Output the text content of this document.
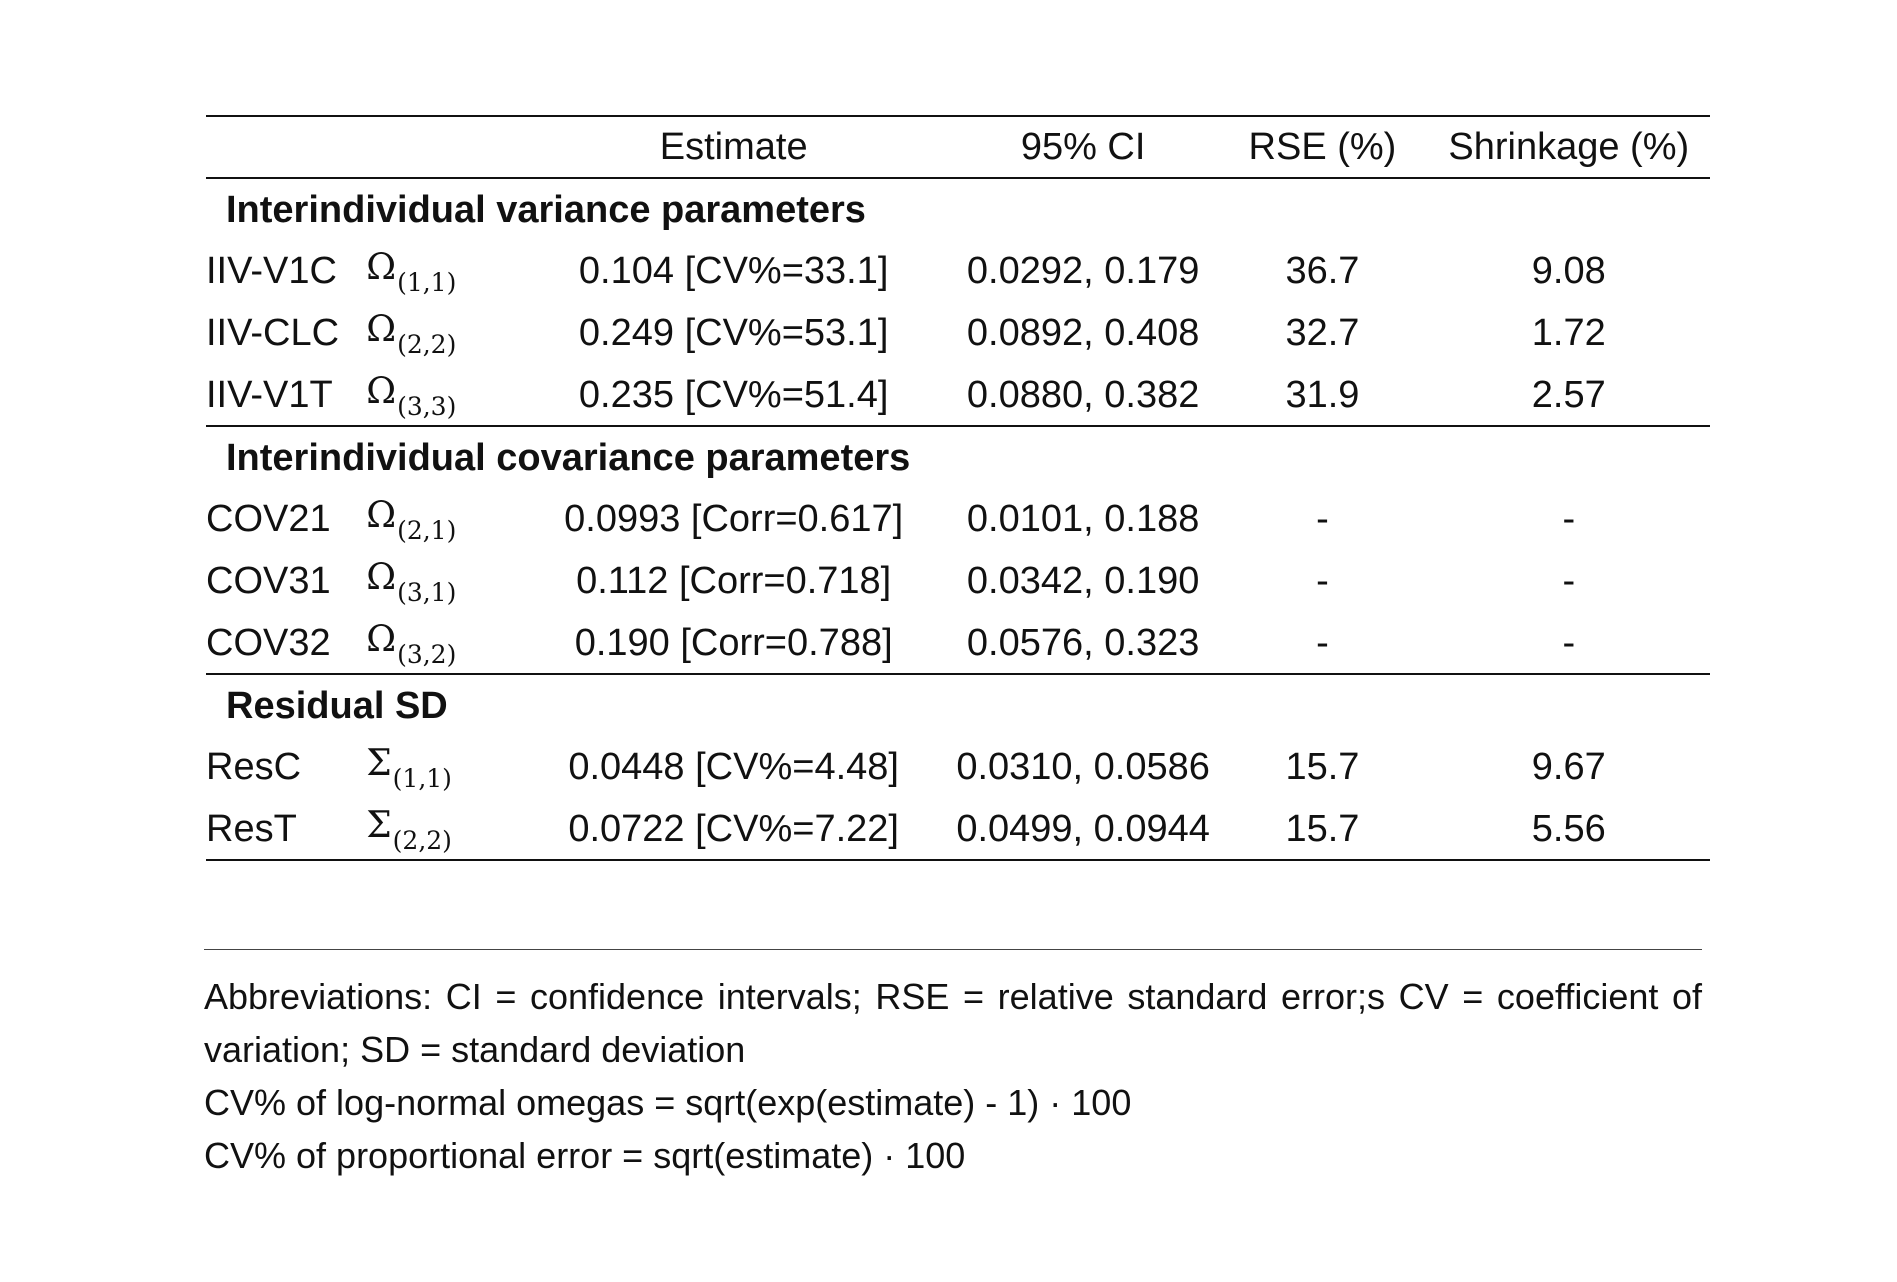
		Estimate	95% CI	RSE (%)	Shrinkage (%)
Interindividual variance parameters					
IIV-V1C	$\Omega_{(1,1)}$	0.104 [CV%=33.1]	0.0292, 0.179	36.7	9.08
IIV-CLC	$\Omega_{(2,2)}$	0.249 [CV%=53.1]	0.0892, 0.408	32.7	1.72
IIV-V1T	$\Omega_{(3,3)}$	0.235 [CV%=51.4]	0.0880, 0.382	31.9	2.57
Interindividual covariance parameters					
COV21	$\Omega_{(2,1)}$	0.0993 [Corr=0.617]	0.0101, 0.188	-	-
COV31	$\Omega_{(3,1)}$	0.112 [Corr=0.718]	0.0342, 0.190	-	-
COV32	$\Omega_{(3,2)}$	0.190 [Corr=0.788]	0.0576, 0.323	-	-
Residual SD					
ResC	$\Sigma_{(1,1)}$	0.0448 [CV%=4.48]	0.0310, 0.0586	15.7	9.67
ResT	$\Sigma_{(2,2)}$	0.0722 [CV%=7.22]	0.0499, 0.0944	15.7	5.56
Abbreviations: CI = confidence intervals; RSE = relative standard error;s CV = coefficient of variation; SD = standard deviation
CV% of log-normal omegas = sqrt(exp(estimate) - 1) · 100
CV% of proportional error = sqrt(estimate) · 100
